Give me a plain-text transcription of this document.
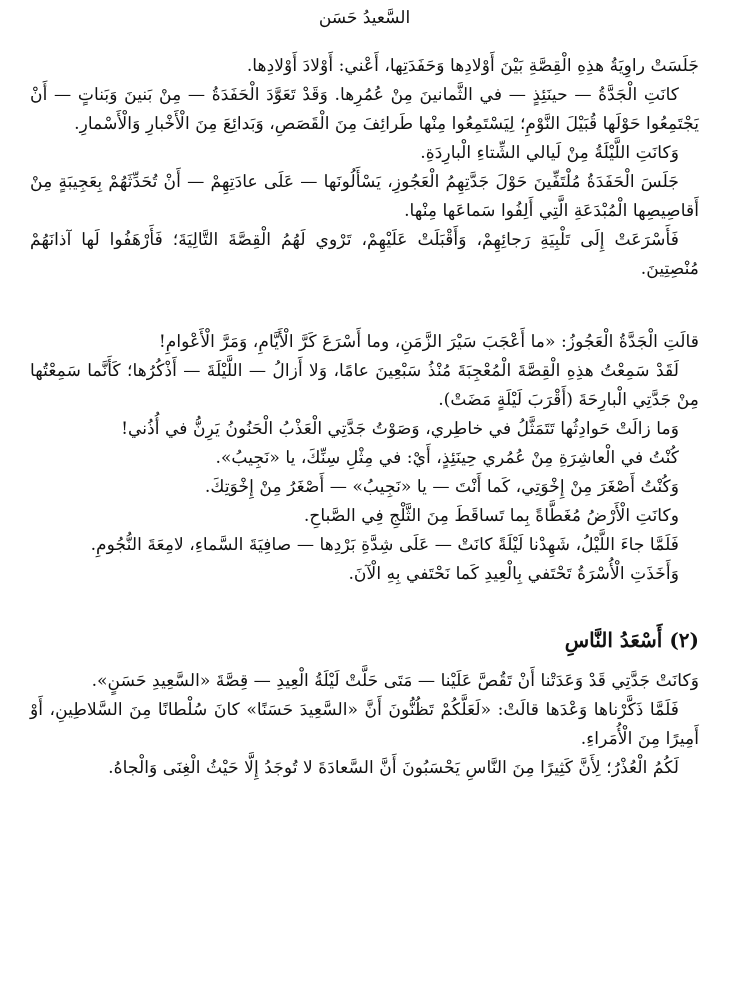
السَّعيدُ حَسَن

جَلَسَتْ راوِيَةُ هذِهِ الْقِصَّةِ بَيْنَ أَوْلادِها وَحَفَدَتِها، أَعْني: أَوْلادَ أَوْلادِها.

كانَتِ الْجَدَّةُ — حينَئِذٍ — في الثَّمانينَ مِنْ عُمُرِها. وَقَدْ تَعَوَّدَ الْحَفَدَةُ — مِنْ بَنينَ وَبَناتٍ — أَنْ يَجْتَمِعُوا حَوْلَها قُبَيْلَ النَّوْمِ؛ لِيَسْتَمِعُوا مِنْها طَرائِفَ مِنَ الْقَصَصِ، وَبَدائِعَ مِنَ الْأَخْبارِ وَالْأَسْمارِ.

وَكانَتِ اللَّيْلَةُ مِنْ لَيالي الشِّتاءِ الْبارِدَةِ.

جَلَسَ الْحَفَدَةُ مُلْتَفِّينَ حَوْلَ جَدَّتِهِمُ الْعَجُوزِ، يَسْأَلُونَها — عَلَى عادَتِهِمْ — أَنْ تُحَدِّثَهُمْ بِعَجِيبَةٍ مِنْ أَقاصِيصِها الْمُبْدَعَةِ الَّتِي أَلِفُوا سَماعَها مِنْها.

فَأَسْرَعَتْ إِلَى تَلْبِيَةِ رَجائِهِمْ، وَأَقْبَلَتْ عَلَيْهِمْ، تَرْوي لَهُمُ الْقِصَّةَ التَّالِيَةَ؛ فَأَرْهَفُوا لَها آذانَهُمْ مُنْصِتِينَ.

قالَتِ الْجَدَّةُ الْعَجُوزُ: «ما أَعْجَبَ سَيْرَ الزَّمَنِ، وما أَسْرَعَ كَرَّ الْأَيَّامِ، وَمَرَّ الْأَعْوامِ!

لَقَدْ سَمِعْتُ هذِهِ الْقِصَّةَ الْمُعْجِبَةَ مُنْذُ سَبْعِينَ عامًا، وَلا أَزالُ — اللَّيْلَةَ — أَذْكُرُها؛ كَأَنَّما سَمِعْتُها مِنْ جَدَّتِي الْبارِحَةَ (أَقْرَبَ لَيْلَةٍ مَضَتْ).

وَما زالَتْ حَوادِثُها تَتَمَثَّلُ في خاطِري، وَصَوْتُ جَدَّتِي الْعَذْبُ الْحَنُونُ يَرِنُّ في أُذُني!

كُنْتُ في الْعاشِرَةِ مِنْ عُمُري حِينَئِذٍ، أَيْ: في مِثْلِ سِنِّكَ، يا «نَجِيبُ».

وَكُنْتُ أَصْغَرَ مِنْ إِخْوَتِي، كَما أَنْتَ — يا «نَجِيبُ» — أَصْغَرُ مِنْ إِخْوَتِكَ.

وكانَتِ الْأَرْضُ مُغَطَّاةً بِما تَساقَطَ مِنَ الثَّلْجِ فِي الصَّباحِ.

فَلَمَّا جاءَ اللَّيْلُ، شَهِدْنا لَيْلَةً كانَتْ — عَلَى شِدَّةِ بَرْدِها — صافِيَةَ السَّماءِ، لامِعَةَ النُّجُومِ.

وَأَخَذَتِ الْأُسْرَةُ تَحْتَفي بِالْعِيدِ كَما نَحْتَفي بِهِ الْآنَ.

(٢) أَسْعَدُ النَّاسِ

وَكانَتْ جَدَّتِي قَدْ وَعَدَتْنا أَنْ تَقُصَّ عَلَيْنا — مَتَى حَلَّتْ لَيْلَةُ الْعِيدِ — قِصَّةَ «السَّعِيدِ حَسَنٍ».

فَلَمَّا ذَكَّرْناها وَعْدَها قالَتْ: «لَعَلَّكُمْ تَظُنُّونَ أَنَّ «السَّعِيدَ حَسَنًا» كانَ سُلْطانًا مِنَ السَّلاطِينِ، أَوْ أَمِيرًا مِنَ الْأُمَراءِ.

لَكُمُ الْعُذْرُ؛ لِأَنَّ كَثِيرًا مِنَ النَّاسِ يَحْسَبُونَ أَنَّ السَّعادَةَ لا تُوجَدُ إِلَّا حَيْثُ الْغِنَى وَالْجاهُ.
